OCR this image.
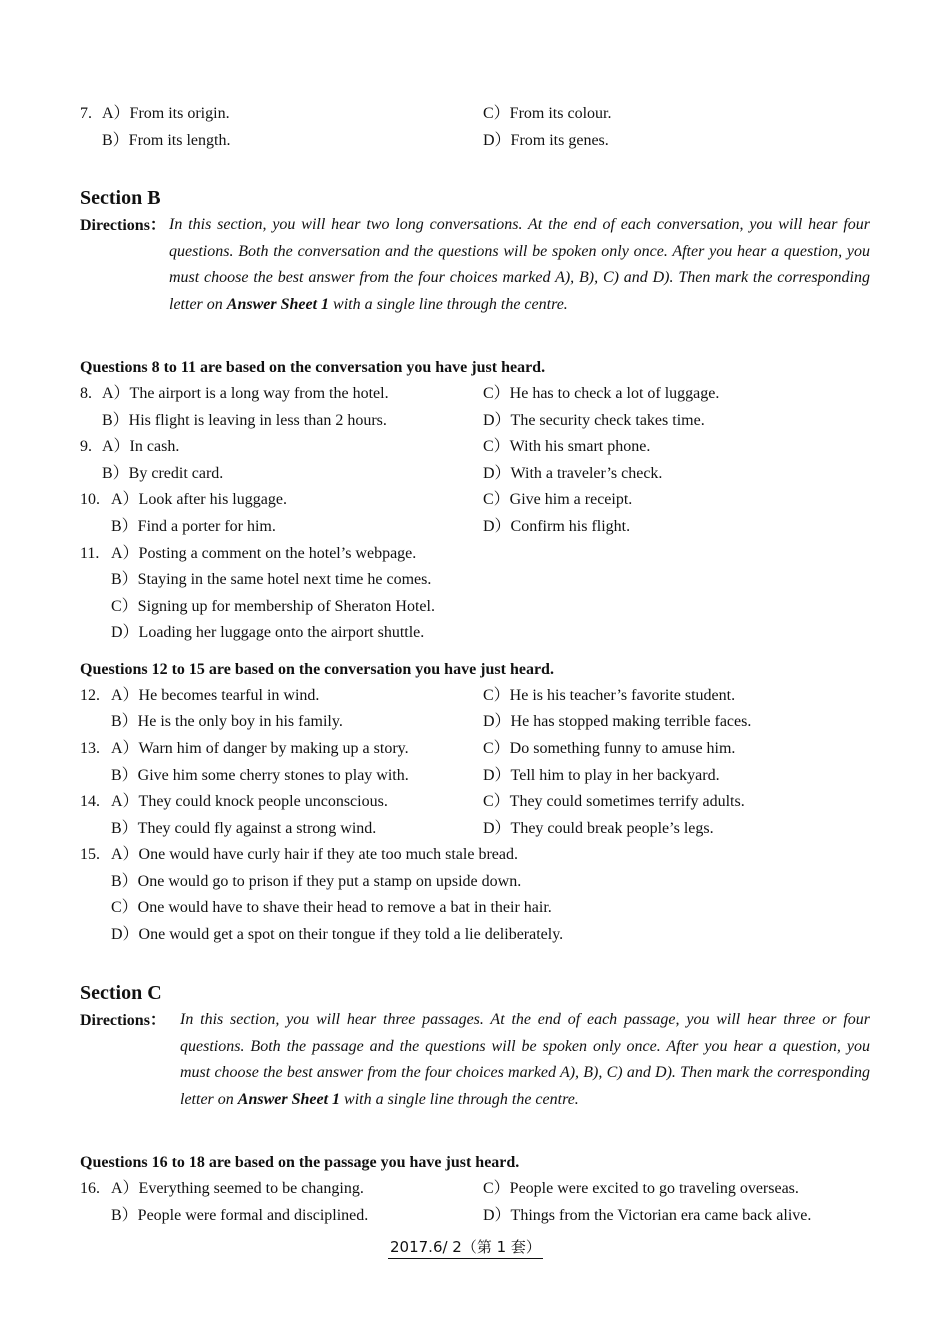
7. A）From its origin.	C）From its colour.
B）From its length.	D）From its genes.
Section B
Directions： In this section, you will hear two long conversations. At the end of each conversation, you will hear four questions. Both the conversation and the questions will be spoken only once. After you hear a question, you must choose the best answer from the four choices marked A), B), C) and D). Then mark the corresponding letter on Answer Sheet 1 with a single line through the centre.
Questions 8 to 11 are based on the conversation you have just heard.
8. A）The airport is a long way from the hotel.	C）He has to check a lot of luggage.
B）His flight is leaving in less than 2 hours.	D）The security check takes time.
9. A）In cash.	C）With his smart phone.
B）By credit card.	D）With a traveler’s check.
10. A）Look after his luggage.	C）Give him a receipt.
B）Find a porter for him.	D）Confirm his flight.
11. A）Posting a comment on the hotel’s webpage.
B）Staying in the same hotel next time he comes.
C）Signing up for membership of Sheraton Hotel.
D）Loading her luggage onto the airport shuttle.
Questions 12 to 15 are based on the conversation you have just heard.
12. A）He becomes tearful in wind.	C）He is his teacher’s favorite student.
B）He is the only boy in his family.	D）He has stopped making terrible faces.
13. A）Warn him of danger by making up a story.	C）Do something funny to amuse him.
B）Give him some cherry stones to play with.	D）Tell him to play in her backyard.
14. A）They could knock people unconscious.	C）They could sometimes terrify adults.
B）They could fly against a strong wind.	D）They could break people’s legs.
15. A）One would have curly hair if they ate too much stale bread.
B）One would go to prison if they put a stamp on upside down.
C）One would have to shave their head to remove a bat in their hair.
D）One would get a spot on their tongue if they told a lie deliberately.
Section C
Directions： In this section, you will hear three passages. At the end of each passage, you will hear three or four questions. Both the passage and the questions will be spoken only once. After you hear a question, you must choose the best answer from the four choices marked A), B), C) and D). Then mark the corresponding letter on Answer Sheet 1 with a single line through the centre.
Questions 16 to 18 are based on the passage you have just heard.
16. A）Everything seemed to be changing.	C）People were excited to go traveling overseas.
B）People were formal and disciplined.	D）Things from the Victorian era came back alive.
2017.6/ 2（第 1 套）
